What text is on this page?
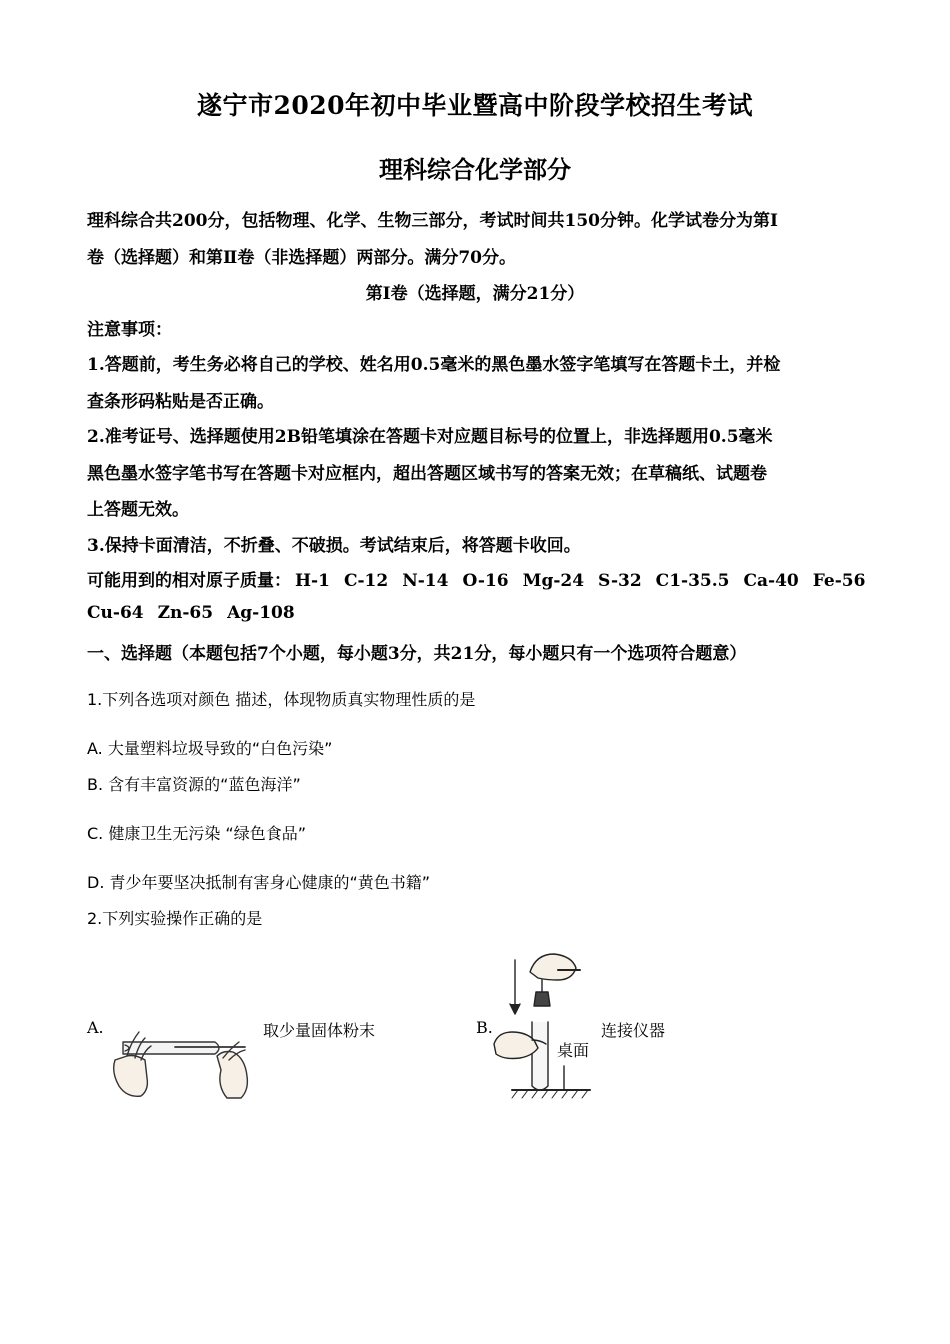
遂宁市2020年初中毕业暨高中阶段学校招生考试
理科综合化学部分
理科综合共200分，包括物理、化学、生物三部分，考试时间共150分钟。化学试卷分为第I
卷（选择题）和第Ⅱ卷（非选择题）两部分。满分70分。
第I卷（选择题，满分21分）
注意事项：
1.答题前，考生务必将自己的学校、姓名用0.5毫米的黑色墨水签字笔填写在答题卡土，并检
查条形码粘贴是否正确。
2.准考证号、选择题使用2B铅笔填涂在答题卡对应题目标号的位置上，非选择题用0.5毫米
黑色墨水签字笔书写在答题卡对应框内，超出答题区域书写的答案无效；在草稿纸、试题卷
上答题无效。
3.保持卡面清洁，不折叠、不破损。考试结束后，将答题卡收回。
可能用到的相对原子质量： H-1 C-12 N-14 O-16 Mg-24 S-32 C1-35.5 Ca-40 Fe-56
Cu-64 Zn-65 Ag-108
一、选择题（本题包括7个小题，每小题3分，共21分，每小题只有一个选项符合题意）
1.下列各选项对颜色 描述，体现物质真实物理性质的是
A. 大量塑料垃圾导致的“白色污染”
B. 含有丰富资源的“蓝色海洋”
C. 健康卫生无污染 “绿色食品”
D. 青少年要坚决抵制有害身心健康的“黄色书籍”
2.下列实验操作正确的是
A.	取少量固体粉末	B.
桌面
连接仪器
